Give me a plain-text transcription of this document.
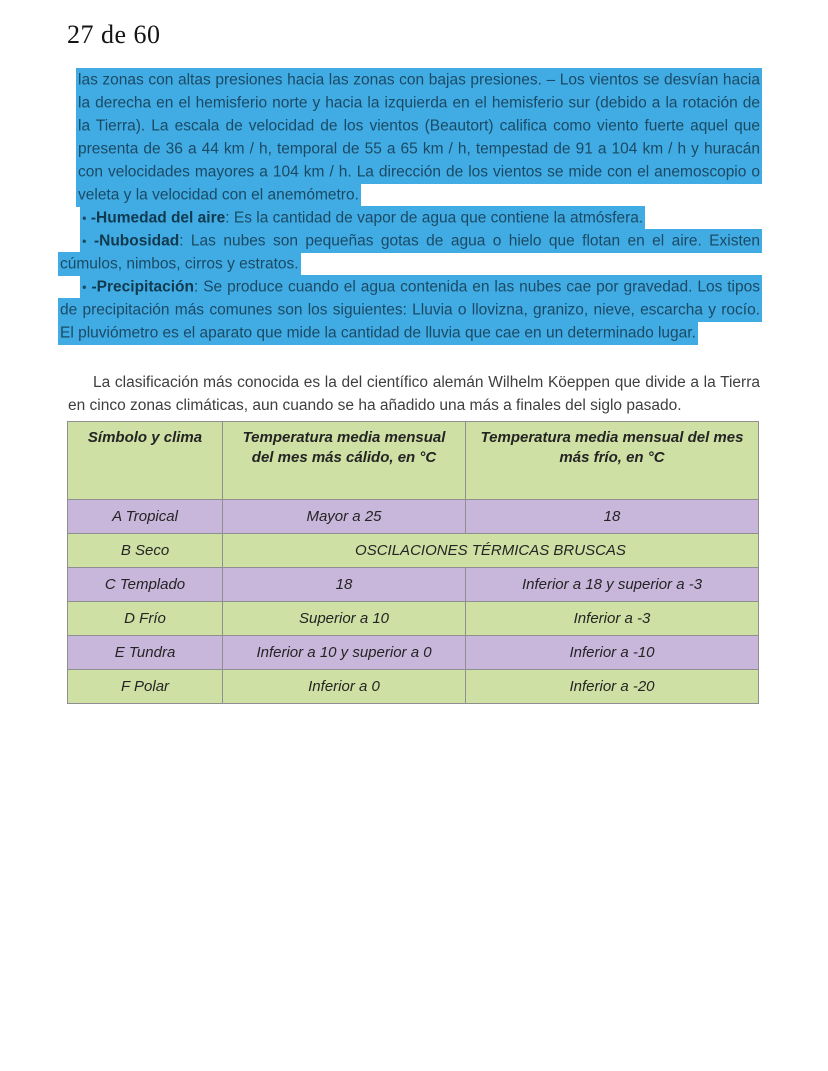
27 de 60

las zonas con altas presiones hacia las zonas con bajas presiones. – Los vientos se desvían hacia la derecha en el hemisferio norte y hacia la izquierda en el hemisferio sur (debido a la rotación de la Tierra). La escala de velocidad de los vientos (Beautort) califica como viento fuerte aquel que presenta de 36 a 44 km / h, temporal de 55 a 65 km / h, tempestad de 91 a 104 km / h y huracán con velocidades mayores a 104 km / h. La dirección de los vientos se mide con el anemoscopio o veleta y la velocidad con el anemómetro.

• -Humedad del aire: Es la cantidad de vapor de agua que contiene la atmósfera.

• -Nubosidad: Las nubes son pequeñas gotas de agua o hielo que flotan en el aire. Existen cúmulos, nimbos, cirros y estratos.

• -Precipitación: Se produce cuando el agua contenida en las nubes cae por gravedad. Los tipos de precipitación más comunes son los siguientes: Lluvia o llovizna, granizo, nieve, escarcha y rocío. El pluviómetro es el aparato que mide la cantidad de lluvia que cae en un determinado lugar.

La clasificación más conocida es la del científico alemán Wilhelm Köeppen que divide a la Tierra en cinco zonas climáticas, aun cuando se ha añadido una más a finales del siglo pasado.

Símbolo y clima	Temperatura media mensual del mes más cálido, en °C	Temperatura media mensual del mes más frío, en °C
A Tropical	Mayor a 25	18
B Seco	OSCILACIONES TÉRMICAS BRUSCAS	
C Templado	18	Inferior a 18 y superior a -3
D Frío	Superior a 10	Inferior a -3
E Tundra	Inferior a 10 y superior a 0	Inferior a -10
F Polar	Inferior a 0	Inferior a -20
